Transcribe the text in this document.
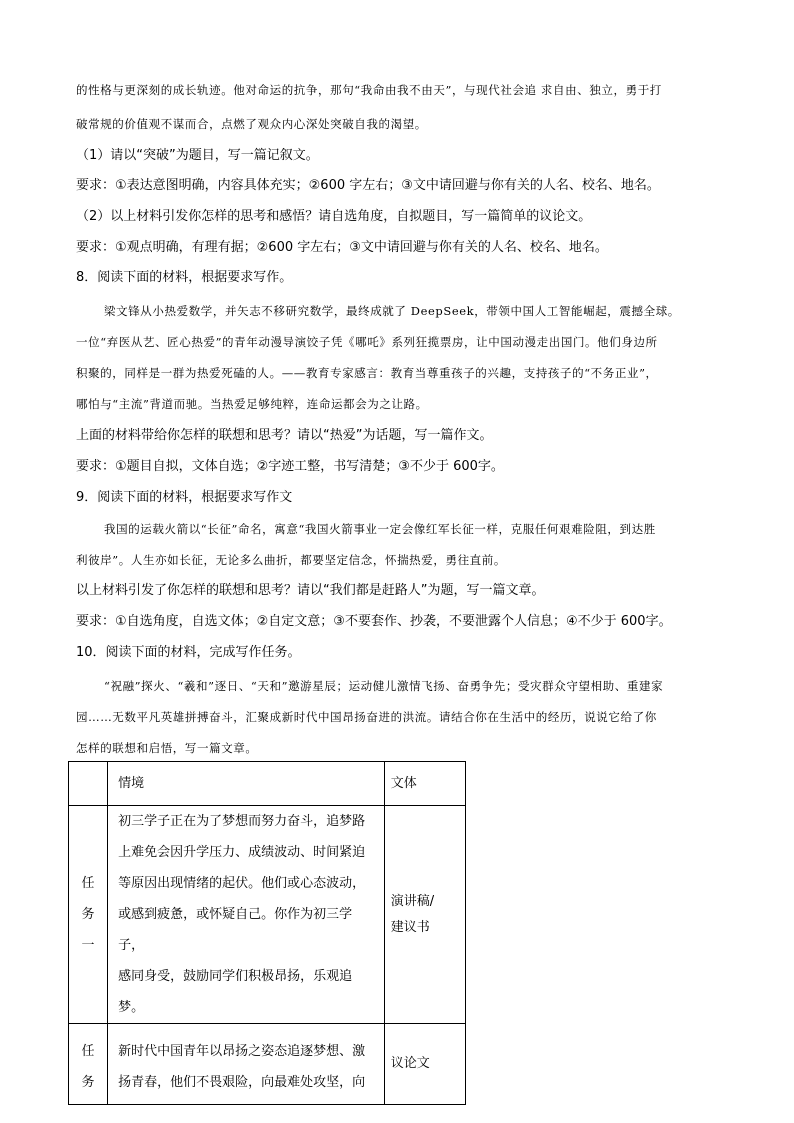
的性格与更深刻的成长轨迹。他对命运的抗争，那句“我命由我不由天”，与现代社会追 求自由、独立，勇于打
破常规的价值观不谋而合，点燃了观众内心深处突破自我的渴望。
（1）请以“突破”为题目，写一篇记叙文。
要求：①表达意图明确，内容具体充实；②600 字左右；③文中请回避与你有关的人名、校名、地名。
（2）以上材料引发你怎样的思考和感悟？请自选角度，自拟题目，写一篇简单的议论文。
要求：①观点明确，有理有据；②600 字左右；③文中请回避与你有关的人名、校名、地名。
8．阅读下面的材料，根据要求写作。
梁文锋从小热爱数学，并矢志不移研究数学，最终成就了 DeepSeek，带领中国人工智能崛起，震撼全球。
一位“弃医从艺、匠心热爱”的青年动漫导演饺子凭《哪吒》系列狂揽票房，让中国动漫走出国门。他们身边所
积聚的，同样是一群为热爱死磕的人。——教育专家感言：教育当尊重孩子的兴趣，支持孩子的“不务正业”，
哪怕与“主流”背道而驰。当热爱足够纯粹，连命运都会为之让路。
上面的材料带给你怎样的联想和思考？请以“热爱”为话题，写一篇作文。
要求：①题目自拟，文体自选；②字迹工整，书写清楚；③不少于 600字。
9．阅读下面的材料，根据要求写作文
我国的运载火箭以“长征”命名，寓意“我国火箭事业一定会像红军长征一样，克服任何艰难险阻，到达胜
利彼岸”。人生亦如长征，无论多么曲折，都要坚定信念，怀揣热爱，勇往直前。
以上材料引发了你怎样的联想和思考？请以“我们都是赶路人”为题，写一篇文章。
要求：①自选角度，自选文体；②自定文意；③不要套作、抄袭，不要泄露个人信息；④不少于 600字。
10．阅读下面的材料，完成写作任务。
“祝融”探火、“羲和”逐日、“天和”邀游星辰；运动健儿激情飞扬、奋勇争先；受灾群众守望相助、重建家
园……无数平凡英雄拼搏奋斗，汇聚成新时代中国昂扬奋进的洪流。请结合你在生活中的经历，说说它给了你
怎样的联想和启悟，写一篇文章。
	情境	文体

任
务
一	初三学子正在为了梦想而努力奋斗，追梦路
上难免会因升学压力、成绩波动、时间紧迫
等原因出现情绪的起伏。他们或心态波动，
或感到疲惫，或怀疑自己。你作为初三学子，
感同身受，鼓励同学们积极昂扬，乐观追梦。	演讲稿/
建议书

任
务	新时代中国青年以昂扬之姿态追逐梦想、激
扬青春，他们不畏艰险，向最难处攻坚，向	议论文
